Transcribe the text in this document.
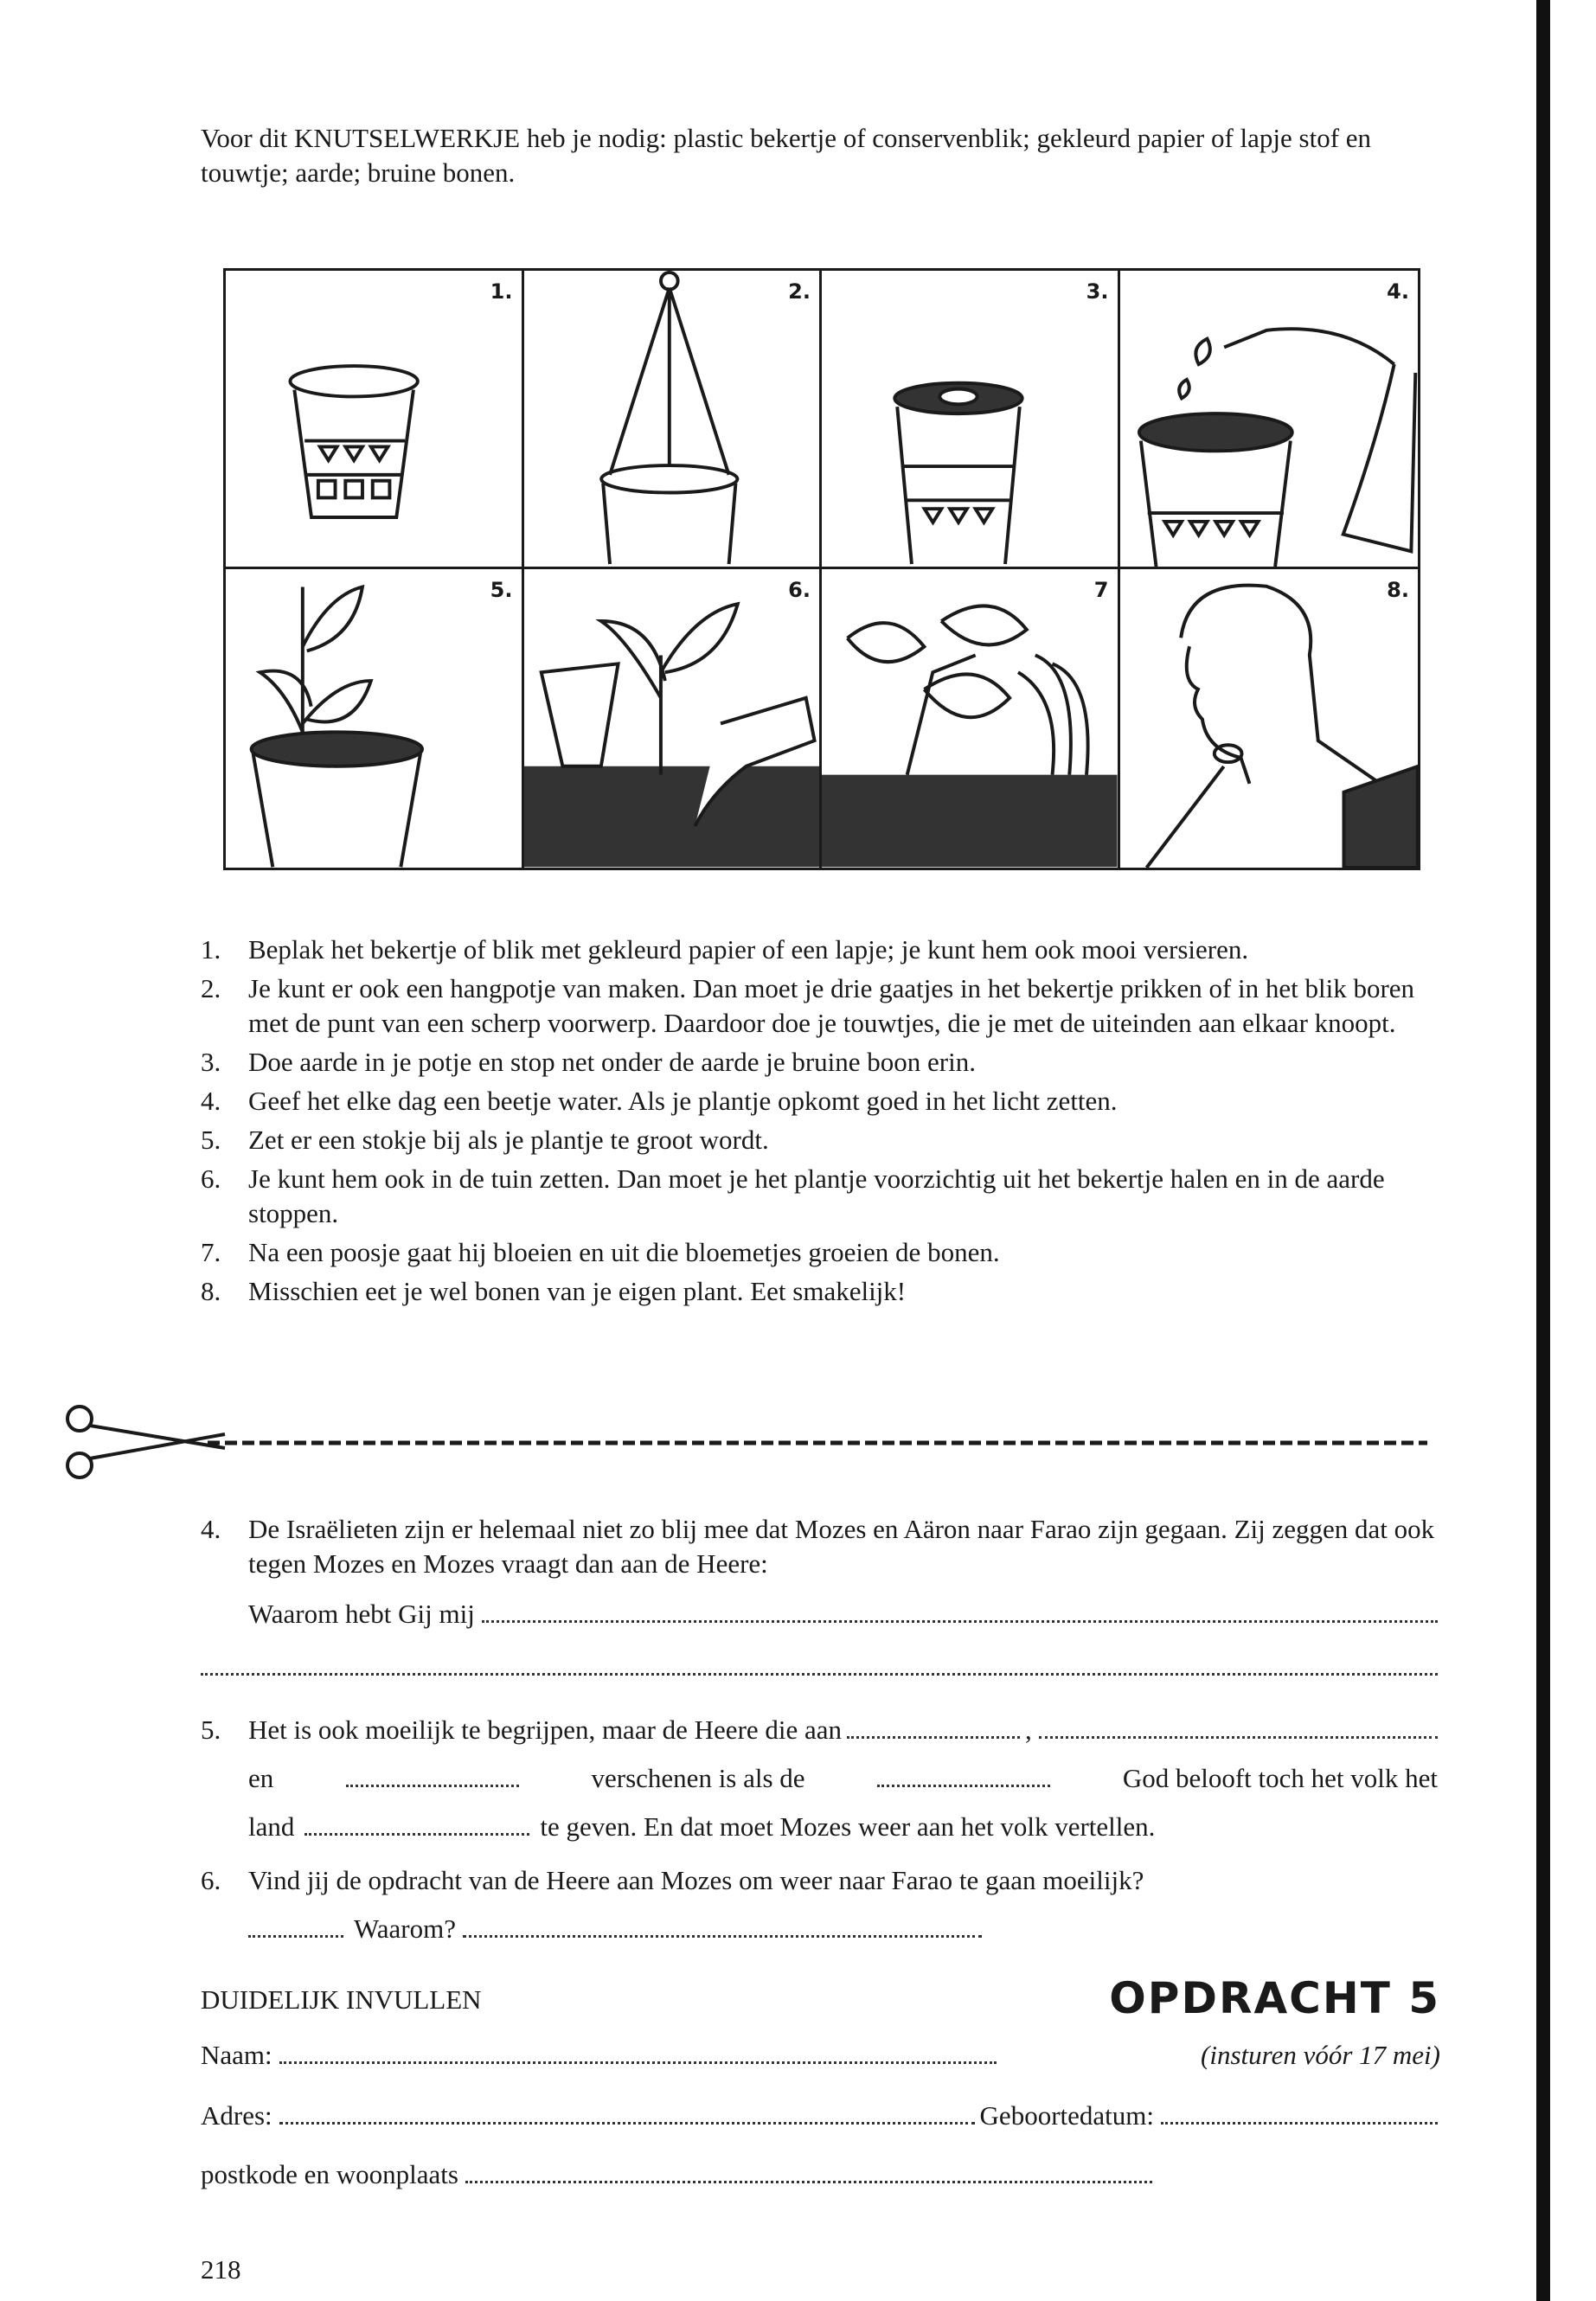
Voor dit KNUTSELWERKJE heb je nodig: plastic bekertje of conservenblik; gekleurd papier of lapje stof en touwtje; aarde; bruine bonen.

1.	2.	3.	4.
5.	6.	7	8.
1. Beplak het bekertje of blik met gekleurd papier of een lapje; je kunt hem ook mooi versieren.
2. Je kunt er ook een hangpotje van maken. Dan moet je drie gaatjes in het bekertje prikken of in het blik boren met de punt van een scherp voorwerp. Daardoor doe je touwtjes, die je met de uiteinden aan elkaar knoopt.
3. Doe aarde in je potje en stop net onder de aarde je bruine boon erin.
4. Geef het elke dag een beetje water. Als je plantje opkomt goed in het licht zetten.
5. Zet er een stokje bij als je plantje te groot wordt.
6. Je kunt hem ook in de tuin zetten. Dan moet je het plantje voorzichtig uit het bekertje halen en in de aarde stoppen.
7. Na een poosje gaat hij bloeien en uit die bloemetjes groeien de bonen.
8. Misschien eet je wel bonen van je eigen plant. Eet smakelijk!
4. De Israëlieten zijn er helemaal niet zo blij mee dat Mozes en Aäron naar Farao zijn gegaan. Zij zeggen dat ook tegen Mozes en Mozes vraagt dan aan de Heere:
Waarom hebt Gij mij
5. Het is ook moeilijk te begrijpen, maar de Heere die aan	,
en	verschenen is als de	God belooft toch het volk het
land	te geven. En dat moet Mozes weer aan het volk vertellen.
6. Vind jij de opdracht van de Heere aan Mozes om weer naar Farao te gaan moeilijk?
Waarom?
DUIDELIJK INVULLEN	OPDRACHT 5
(insturen vóór 17 mei)
Naam:
Adres:	Geboortedatum:
postkode en woonplaats
218
